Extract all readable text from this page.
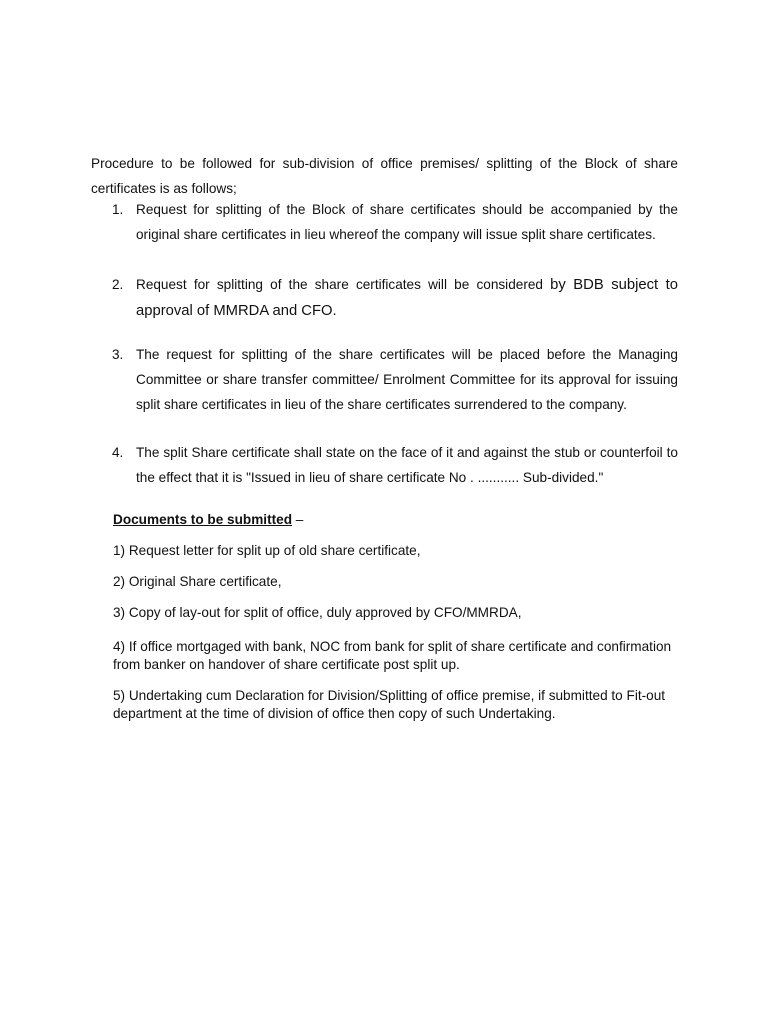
Procedure to be followed for sub-division of office premises/ splitting of the Block of share certificates is as follows;

1. Request for splitting of the Block of share certificates should be accompanied by the original share certificates in lieu whereof the company will issue split share certificates.
2. Request for splitting of the share certificates will be considered by BDB subject to approval of MMRDA and CFO.
3. The request for splitting of the share certificates will be placed before the Managing Committee or share transfer committee/ Enrolment Committee for its approval for issuing split share certificates in lieu of the share certificates surrendered to the company.
4. The split Share certificate shall state on the face of it and against the stub or counterfoil to the effect that it is "Issued in lieu of share certificate No . ........... Sub-divided."
Documents to be submitted –
1) Request letter for split up of old share certificate,
2) Original Share certificate,
3) Copy of lay-out for split of office, duly approved by CFO/MMRDA,
4) If office mortgaged with bank, NOC from bank for split of share certificate and confirmation from banker on handover of share certificate post split up.
5) Undertaking cum Declaration for Division/Splitting of office premise, if submitted to Fit-out department at the time of division of office then copy of such Undertaking.
